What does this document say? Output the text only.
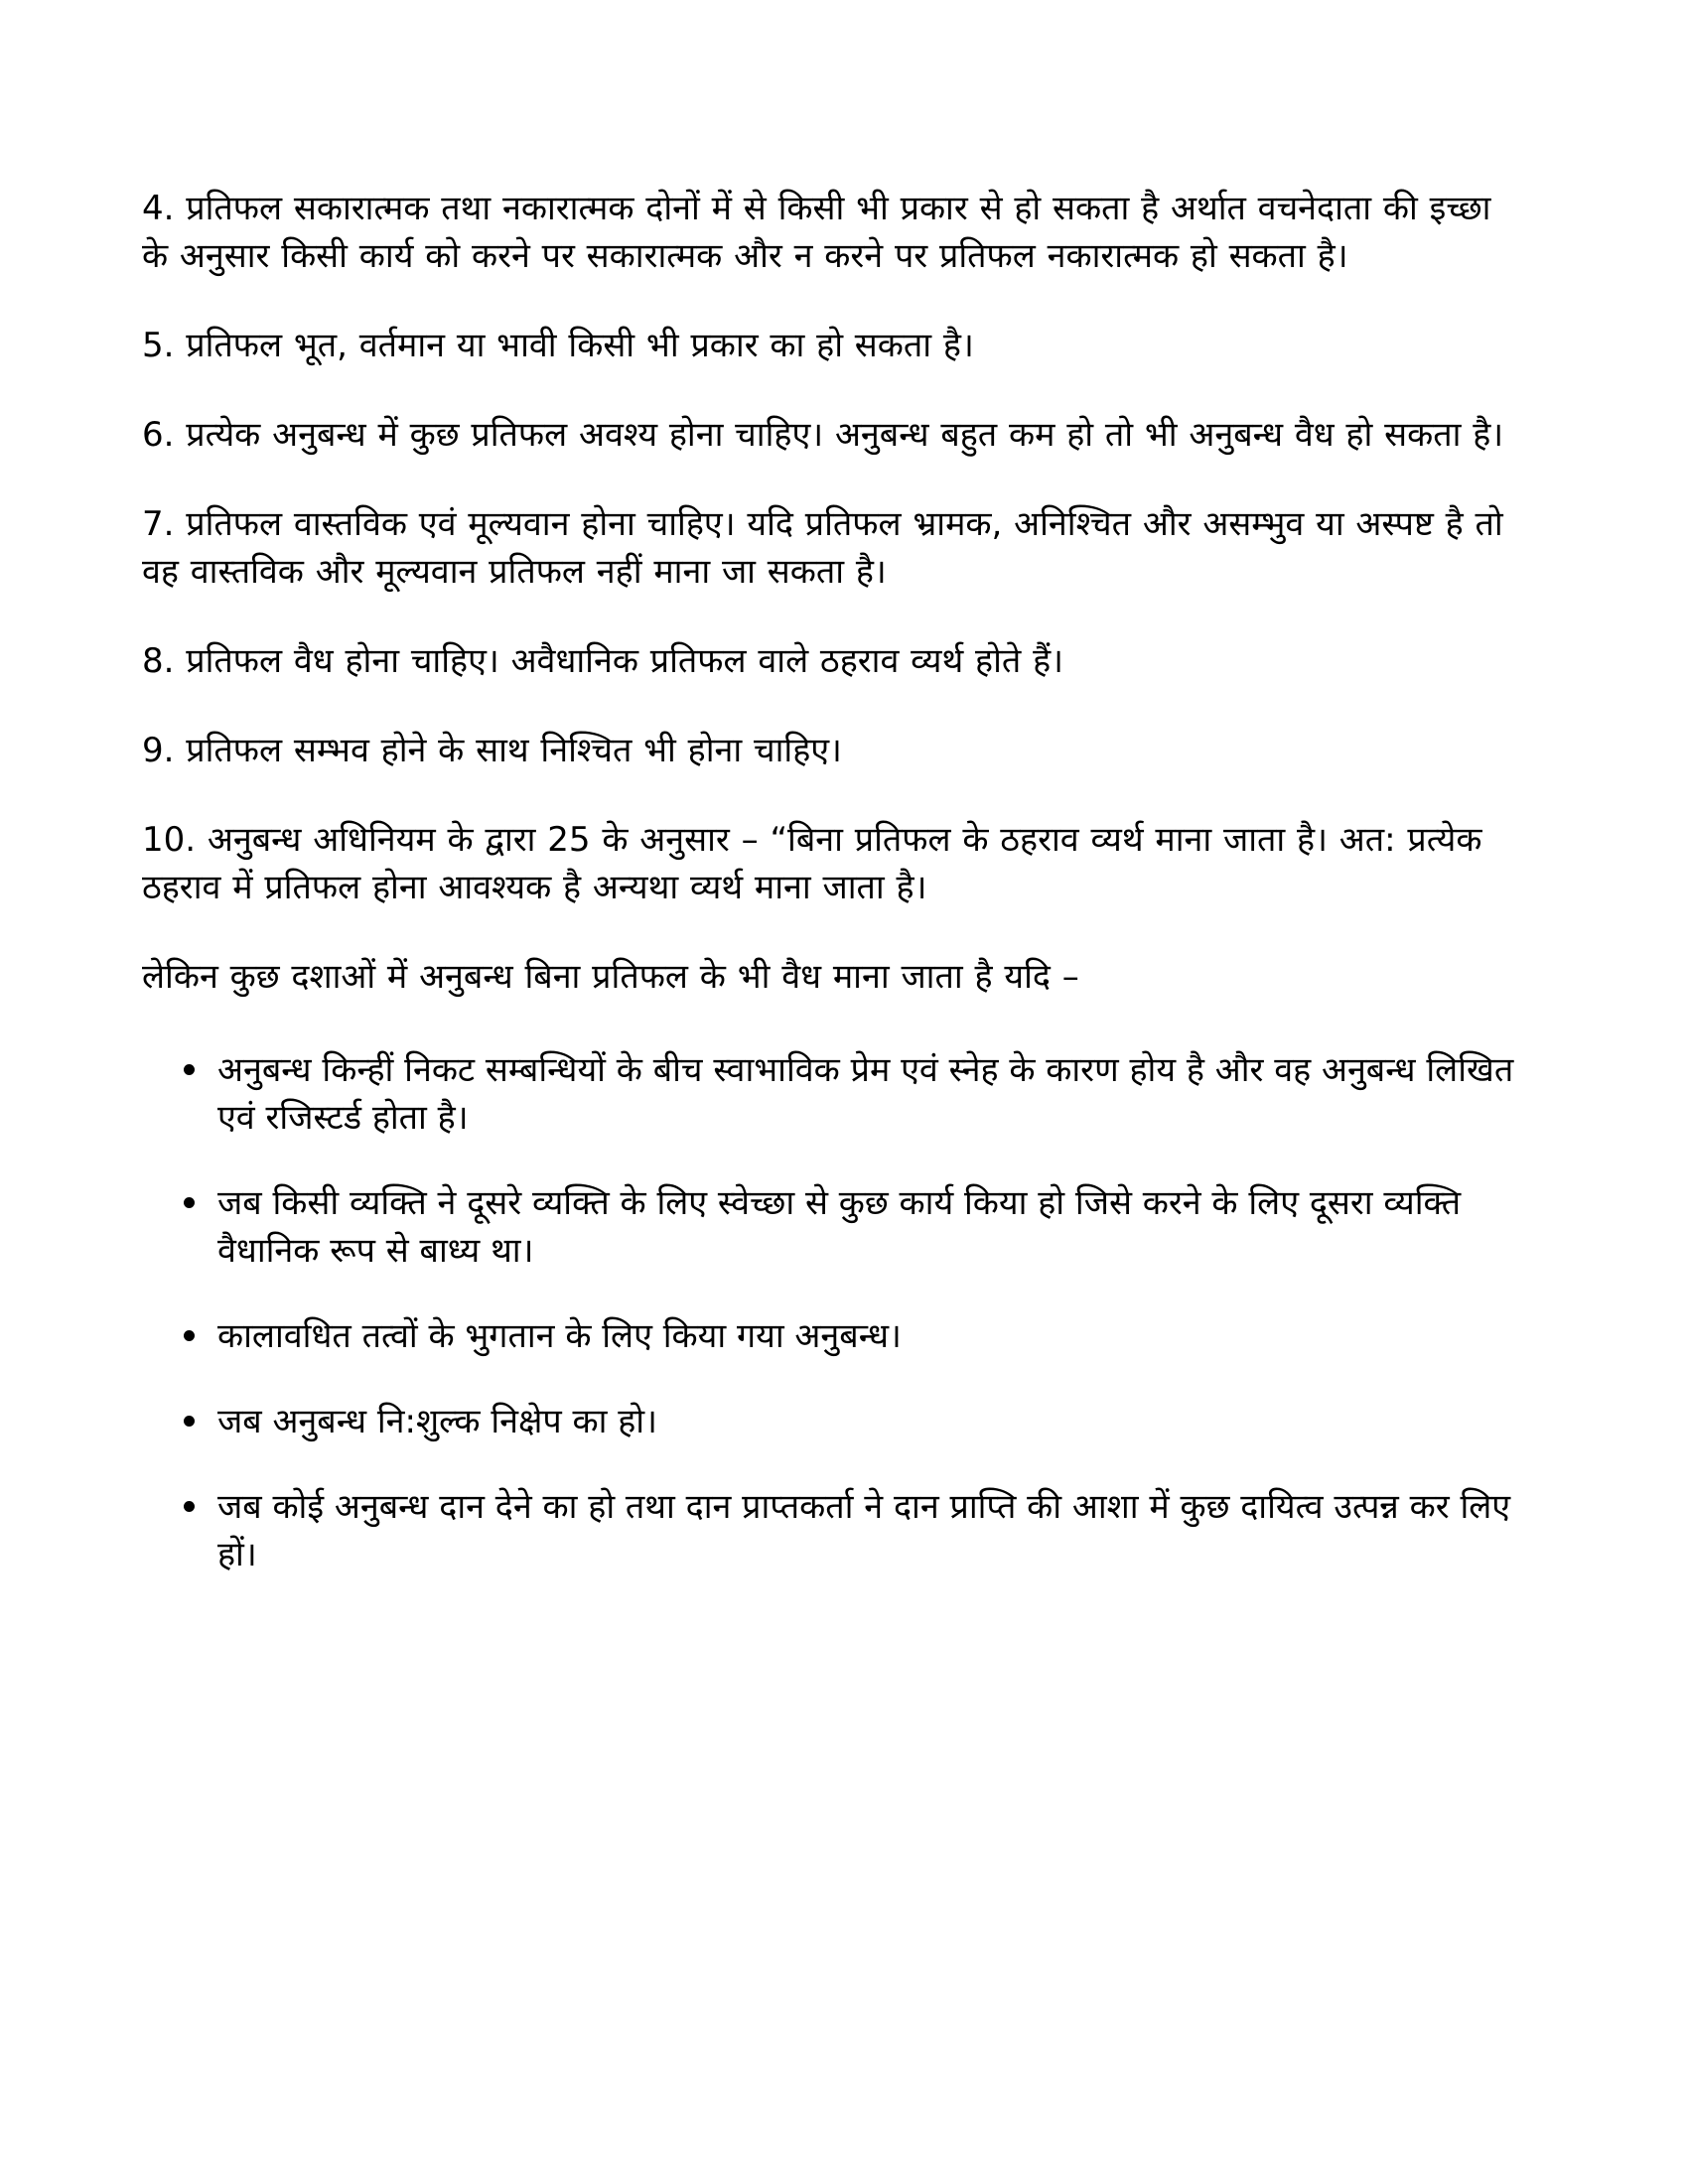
4. प्रतिफल सकारात्मक तथा नकारात्मक दोनों में से किसी भी प्रकार से हो सकता है अर्थात वचनेदाता की इच्छा के अनुसार किसी कार्य को करने पर सकारात्मक और न करने पर प्रतिफल नकारात्मक हो सकता है।

5. प्रतिफल भूत, वर्तमान या भावी किसी भी प्रकार का हो सकता है।

6. प्रत्येक अनुबन्ध में कुछ प्रतिफल अवश्य होना चाहिए। अनुबन्ध बहुत कम हो तो भी अनुबन्ध वैध हो सकता है।

7. प्रतिफल वास्तविक एवं मूल्यवान होना चाहिए। यदि प्रतिफल भ्रामक, अनिश्चित और असम्भुव या अस्पष्ट है तो वह वास्तविक और मूल्यवान प्रतिफल नहीं माना जा सकता है।

8. प्रतिफल वैध होना चाहिए। अवैधानिक प्रतिफल वाले ठहराव व्यर्थ होते हैं।

9. प्रतिफल सम्भव होने के साथ निश्चित भी होना चाहिए।

10. अनुबन्ध अधिनियम के द्वारा 25 के अनुसार – “बिना प्रतिफल के ठहराव व्यर्थ माना जाता है। अत: प्रत्येक ठहराव में प्रतिफल होना आवश्यक है अन्यथा व्यर्थ माना जाता है।

लेकिन कुछ दशाओं में अनुबन्ध बिना प्रतिफल के भी वैध माना जाता है यदि –

अनुबन्ध किन्हीं निकट सम्बन्धियों के बीच स्वाभाविक प्रेम एवं स्नेह के कारण होय है और वह अनुबन्ध लिखित एवं रजिस्टर्ड होता है।
जब किसी व्यक्ति ने दूसरे व्यक्ति के लिए स्वेच्छा से कुछ कार्य किया हो जिसे करने के लिए दूसरा व्यक्ति वैधानिक रूप से बाध्य था।
कालावधित तत्वों के भुगतान के लिए किया गया अनुबन्ध।
जब अनुबन्ध नि:शुल्क निक्षेप का हो।
जब कोई अनुबन्ध दान देने का हो तथा दान प्राप्तकर्ता ने दान प्राप्ति की आशा में कुछ दायित्व उत्पन्न कर लिए हों।
